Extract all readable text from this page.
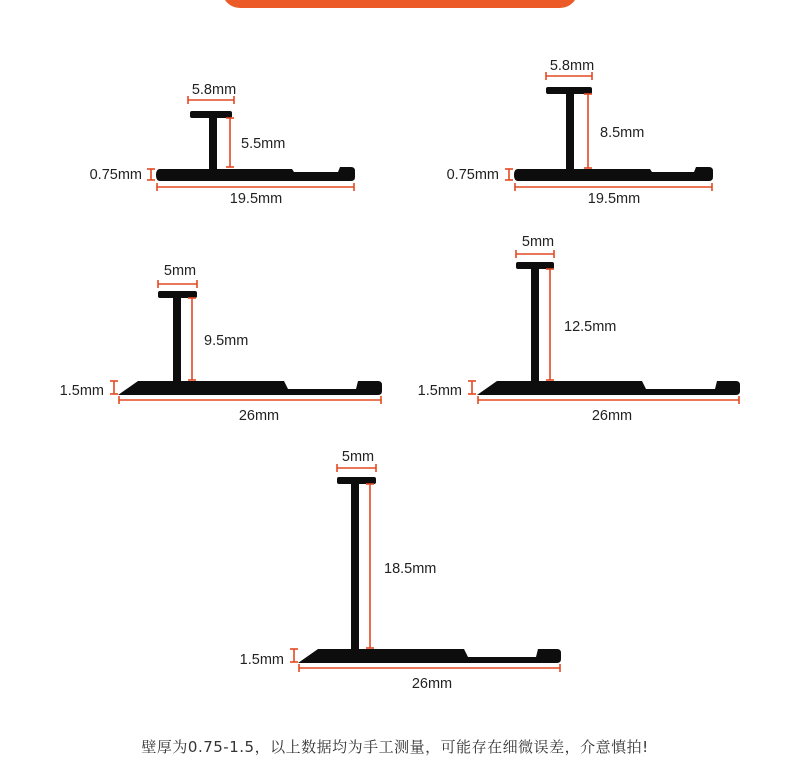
5.8mm
5.5mm
0.75mm
19.5mm
5.8mm
8.5mm
0.75mm
19.5mm
5mm
9.5mm
1.5mm
26mm
5mm
12.5mm
1.5mm
26mm
5mm
18.5mm
1.5mm
26mm
壁厚为0.75-1.5，以上数据均为手工测量，可能存在细微误差，介意慎拍!
